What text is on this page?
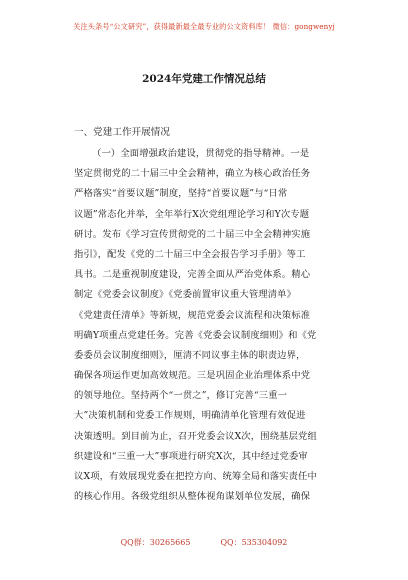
关注头条号“公文研究”，获得最新最全最专业的公文资料库！ 微信：gongwenyj
2024年党建工作情况总结
一、党建工作开展情况
（一）全面增强政治建设，贯彻党的指导精神。一是
坚定贯彻党的二十届三中全会精神，确立为核心政治任务
严格落实“首要议题”制度，坚持“首要议题”与“日常
议题”常态化并举，全年举行X次党组理论学习和Y次专题
研讨。发布《学习宣传贯彻党的二十届三中全会精神实施
指引》，配发《党的二十届三中全会报告学习手册》等工
具书。二是重视制度建设，完善全面从严治党体系。精心
制定《党委会议制度》《党委前置审议重大管理清单》
《党建责任清单》等新规，规范党委会议流程和决策标准
明确Y项重点党建任务。完善《党委会议制度细则》和《党
委委员会议制度细则》，厘清不同议事主体的职责边界，
确保各项运作更加高效规范。三是巩固企业治理体系中党
的领导地位。坚持两个“一贯之”，修订完善“三重一
大”决策机制和党委工作规则，明确清单化管理有效促进
决策透明。到目前为止，召开党委会议X次，围绕基层党组
织建设和“三重一大”事项进行研究X次，其中经过党委审
议X项，有效展现党委在把控方向、统筹全局和落实责任中
的核心作用。各级党组织从整体视角谋划单位发展，确保
QQ群：30265665	QQ：535304092
